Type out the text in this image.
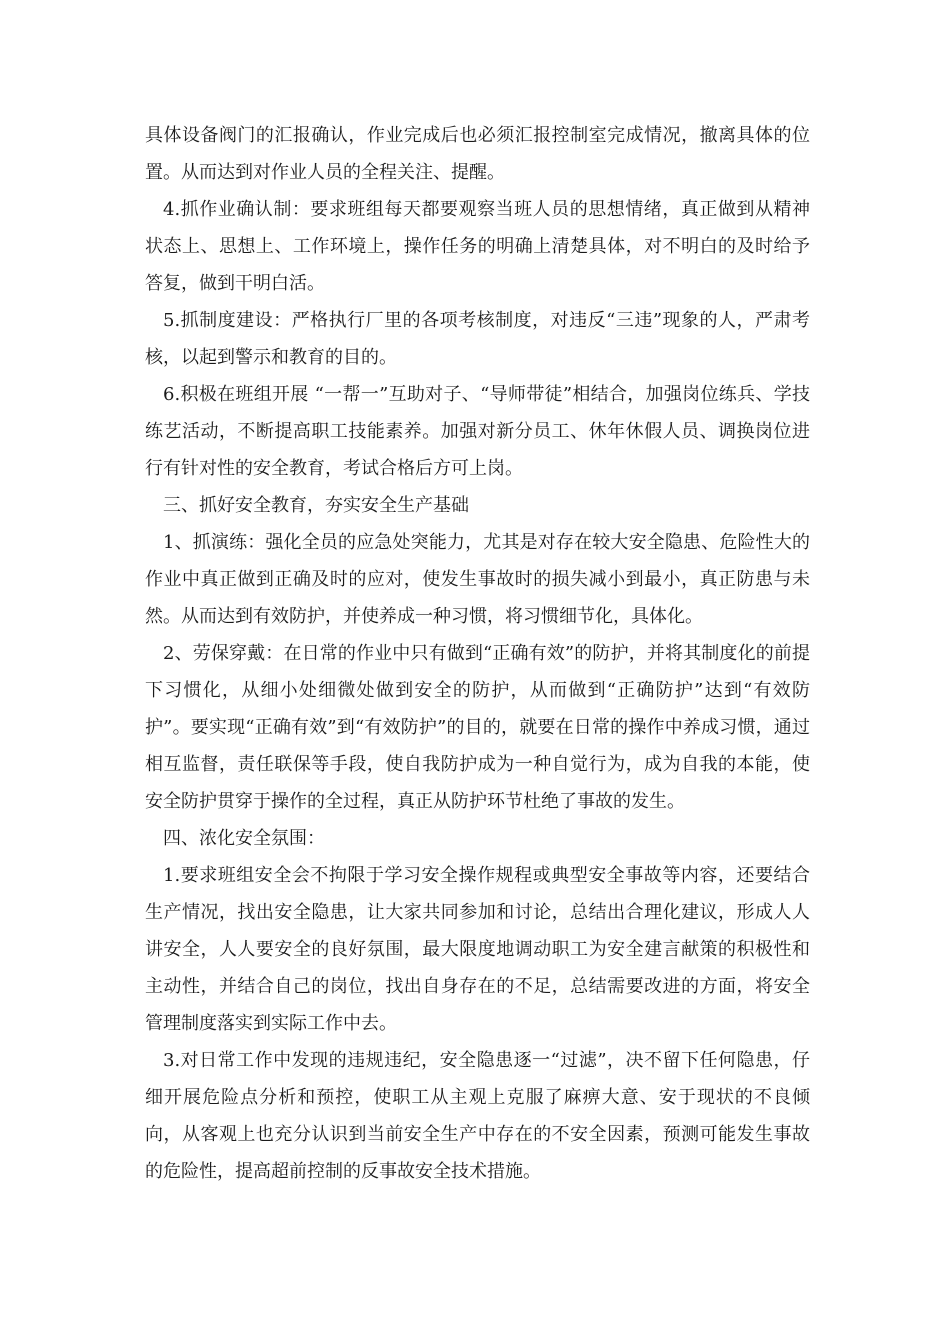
具体设备阀门的汇报确认，作业完成后也必须汇报控制室完成情况，撤离具体的位置。从而达到对作业人员的全程关注、提醒。

4.抓作业确认制：要求班组每天都要观察当班人员的思想情绪，真正做到从精神状态上、思想上、工作环境上，操作任务的明确上清楚具体，对不明白的及时给予答复，做到干明白活。

5.抓制度建设：严格执行厂里的各项考核制度，对违反“三违”现象的人，严肃考核，以起到警示和教育的目的。

6.积极在班组开展 “一帮一”互助对子、“导师带徒”相结合，加强岗位练兵、学技练艺活动，不断提高职工技能素养。加强对新分员工、休年休假人员、调换岗位进行有针对性的安全教育，考试合格后方可上岗。

三、抓好安全教育，夯实安全生产基础

1、抓演练：强化全员的应急处突能力，尤其是对存在较大安全隐患、危险性大的作业中真正做到正确及时的应对，使发生事故时的损失减小到最小，真正防患与未然。从而达到有效防护，并使养成一种习惯，将习惯细节化，具体化。

2、劳保穿戴：在日常的作业中只有做到“正确有效”的防护，并将其制度化的前提下习惯化，从细小处细微处做到安全的防护，从而做到“正确防护”达到“有效防护”。要实现“正确有效”到“有效防护”的目的，就要在日常的操作中养成习惯，通过相互监督，责任联保等手段，使自我防护成为一种自觉行为，成为自我的本能，使安全防护贯穿于操作的全过程，真正从防护环节杜绝了事故的发生。

四、浓化安全氛围：

1.要求班组安全会不拘限于学习安全操作规程或典型安全事故等内容，还要结合生产情况，找出安全隐患，让大家共同参加和讨论，总结出合理化建议，形成人人讲安全，人人要安全的良好氛围，最大限度地调动职工为安全建言献策的积极性和主动性，并结合自己的岗位，找出自身存在的不足，总结需要改进的方面，将安全管理制度落实到实际工作中去。

3.对日常工作中发现的违规违纪，安全隐患逐一“过滤”，决不留下任何隐患，仔细开展危险点分析和预控，使职工从主观上克服了麻痹大意、安于现状的不良倾向，从客观上也充分认识到当前安全生产中存在的不安全因素，预测可能发生事故的危险性，提高超前控制的反事故安全技术措施。
